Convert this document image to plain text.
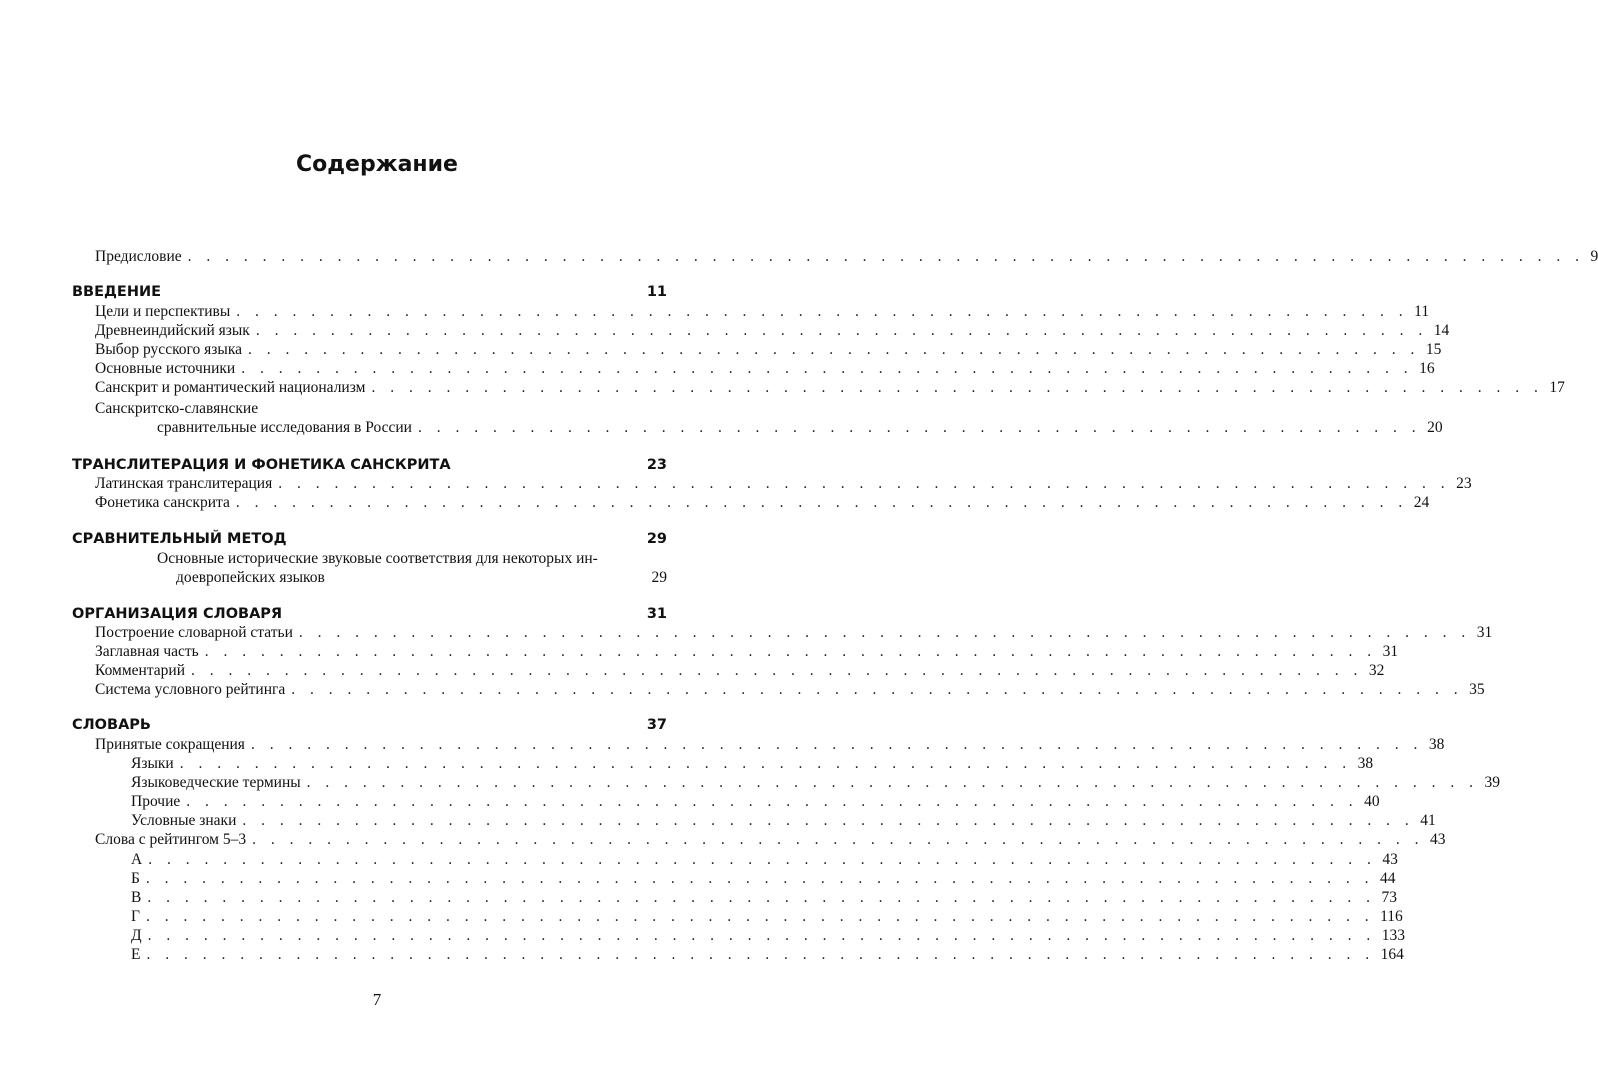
Содержание
Предисловие . . . . . . . . . . . . . . . . . . . . . . . . . . . . . . . . . . . . . . . . . . . . . . . . . . . . . . . . . . . . . . . . . . . . . . . . . . . 9
ВВЕДЕНИЕ	11
Цели и перспективы . . . . . . . . . . . . . . . . . . . . . . . . . . . . . . . . . . . . . . . . . . . . . . . . . . . . . . . . . . . . . . . 11
Древнеиндийский язык . . . . . . . . . . . . . . . . . . . . . . . . . . . . . . . . . . . . . . . . . . . . . . . . . . . . . . . . . . . . . . . 14
Выбор русского языка . . . . . . . . . . . . . . . . . . . . . . . . . . . . . . . . . . . . . . . . . . . . . . . . . . . . . . . . . . . . . . . 15
Основные источники . . . . . . . . . . . . . . . . . . . . . . . . . . . . . . . . . . . . . . . . . . . . . . . . . . . . . . . . . . . . . . . 16
Санскрит и романтический национализм . . . . . . . . . . . . . . . . . . . . . . . . . . . . . . . . . . . . . . . . . . . . . . . . . . . . . . . . . . . . . . . 17
Санскритско-славянские
сравнительные исследования в России . . . . . . . . . . . . . . . . . . . . . . . . . . . . . . . . . . . . . . . . . . . . . . . . . . . . . . 20
ТРАНСЛИТЕРАЦИЯ И ФОНЕТИКА САНСКРИТА	23
Латинская транслитерация . . . . . . . . . . . . . . . . . . . . . . . . . . . . . . . . . . . . . . . . . . . . . . . . . . . . . . . . . . . . . . . 23
Фонетика санскрита . . . . . . . . . . . . . . . . . . . . . . . . . . . . . . . . . . . . . . . . . . . . . . . . . . . . . . . . . . . . . . . 24
СРАВНИТЕЛЬНЫЙ МЕТОД	29
Основные исторические звуковые соответствия для некоторых ин-
доевропейских языков	29
ОРГАНИЗАЦИЯ СЛОВАРЯ	31
Построение словарной статьи . . . . . . . . . . . . . . . . . . . . . . . . . . . . . . . . . . . . . . . . . . . . . . . . . . . . . . . . . . . . . . . 31
Заглавная часть . . . . . . . . . . . . . . . . . . . . . . . . . . . . . . . . . . . . . . . . . . . . . . . . . . . . . . . . . . . . . . . 31
Комментарий . . . . . . . . . . . . . . . . . . . . . . . . . . . . . . . . . . . . . . . . . . . . . . . . . . . . . . . . . . . . . . . 32
Система условного рейтинга . . . . . . . . . . . . . . . . . . . . . . . . . . . . . . . . . . . . . . . . . . . . . . . . . . . . . . . . . . . . . . . 35
СЛОВАРЬ	37
Принятые сокращения . . . . . . . . . . . . . . . . . . . . . . . . . . . . . . . . . . . . . . . . . . . . . . . . . . . . . . . . . . . . . . . 38
Языки . . . . . . . . . . . . . . . . . . . . . . . . . . . . . . . . . . . . . . . . . . . . . . . . . . . . . . . . . . . . . . . 38
Языковедческие термины . . . . . . . . . . . . . . . . . . . . . . . . . . . . . . . . . . . . . . . . . . . . . . . . . . . . . . . . . . . . . . . 39
Прочие . . . . . . . . . . . . . . . . . . . . . . . . . . . . . . . . . . . . . . . . . . . . . . . . . . . . . . . . . . . . . . . 40
Условные знаки . . . . . . . . . . . . . . . . . . . . . . . . . . . . . . . . . . . . . . . . . . . . . . . . . . . . . . . . . . . . . . . 41
Слова с рейтингом 5–3 . . . . . . . . . . . . . . . . . . . . . . . . . . . . . . . . . . . . . . . . . . . . . . . . . . . . . . . . . . . . . . . 43
А . . . . . . . . . . . . . . . . . . . . . . . . . . . . . . . . . . . . . . . . . . . . . . . . . . . . . . . . . . . . . . . . . . 43
Б . . . . . . . . . . . . . . . . . . . . . . . . . . . . . . . . . . . . . . . . . . . . . . . . . . . . . . . . . . . . . . . . . . 44
В . . . . . . . . . . . . . . . . . . . . . . . . . . . . . . . . . . . . . . . . . . . . . . . . . . . . . . . . . . . . . . . . . . 73
Г . . . . . . . . . . . . . . . . . . . . . . . . . . . . . . . . . . . . . . . . . . . . . . . . . . . . . . . . . . . . . . . . . . 116
Д . . . . . . . . . . . . . . . . . . . . . . . . . . . . . . . . . . . . . . . . . . . . . . . . . . . . . . . . . . . . . . . . . . 133
Е . . . . . . . . . . . . . . . . . . . . . . . . . . . . . . . . . . . . . . . . . . . . . . . . . . . . . . . . . . . . . . . . . . 164
7
